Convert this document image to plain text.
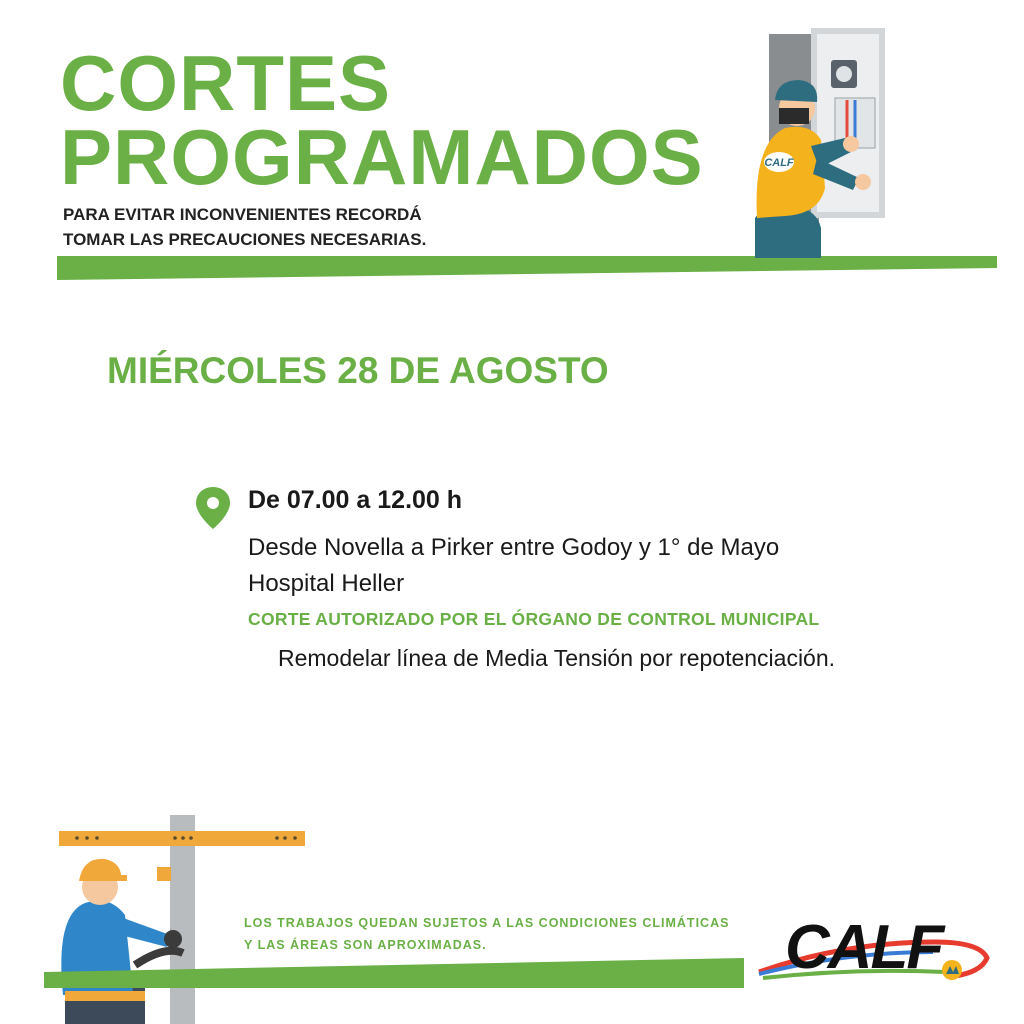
CORTES
PROGRAMADOS
PARA EVITAR INCONVENIENTES RECORDÁ
TOMAR LAS PRECAUCIONES NECESARIAS.
CALF
MIÉRCOLES 28 DE AGOSTO
De 07.00 a 12.00 h
Desde Novella a Pirker entre Godoy y 1° de Mayo
Hospital Heller
CORTE AUTORIZADO POR EL ÓRGANO DE CONTROL MUNICIPAL
Remodelar línea de Media Tensión por repotenciación.
LOS TRABAJOS QUEDAN SUJETOS A LAS CONDICIONES CLIMÁTICAS
Y LAS ÁREAS SON APROXIMADAS.	CALF
